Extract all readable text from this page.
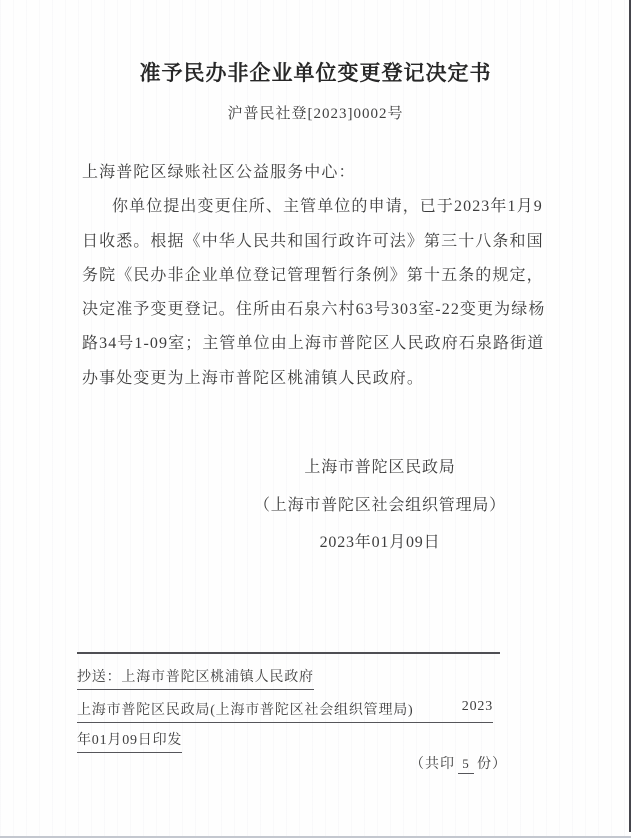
准予民办非企业单位变更登记决定书
沪普民社登[2023]0002号
上海普陀区绿账社区公益服务中心：
你单位提出变更住所、主管单位的申请，已于2023年1月9
日收悉。根据《中华人民共和国行政许可法》第三十八条和国
务院《民办非企业单位登记管理暂行条例》第十五条的规定，
决定准予变更登记。住所由石泉六村63号303室-22变更为绿杨
路34号1-09室；主管单位由上海市普陀区人民政府石泉路街道
办事处变更为上海市普陀区桃浦镇人民政府。
上海市普陀区民政局
（上海市普陀区社会组织管理局）
2023年01月09日
抄送：上海市普陀区桃浦镇人民政府
上海市普陀区民政局(上海市普陀区社会组织管理局)	2023
年01月09日印发
（共印 5 份）
